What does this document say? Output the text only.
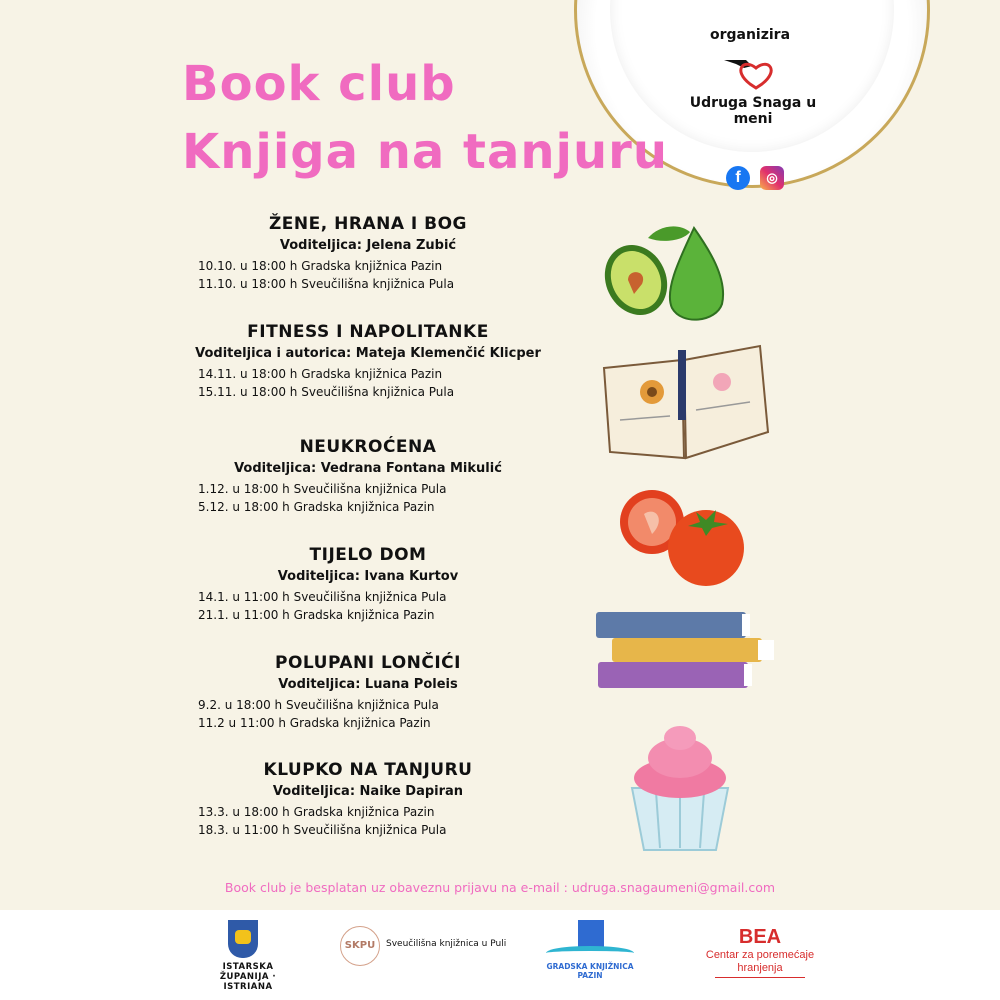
organizira
Udruga Snaga u meni
f	◎
Book club
Knjiga na tanjuru
ŽENE, HRANA I BOG
Voditeljica: Jelena Zubić
10.10. u 18:00 h Gradska knjižnica Pazin
11.10. u 18:00 h Sveučilišna knjižnica Pula
FITNESS I NAPOLITANKE
Voditeljica i autorica: Mateja Klemenčić Klicper
14.11. u 18:00 h Gradska knjižnica Pazin
15.11. u 18:00 h Sveučilišna knjižnica Pula
NEUKROĆENA
Voditeljica: Vedrana Fontana Mikulić
1.12. u 18:00 h Sveučilišna knjižnica Pula
5.12. u 18:00 h Gradska knjižnica Pazin
TIJELO DOM
Voditeljica: Ivana Kurtov
14.1. u 11:00 h Sveučilišna knjižnica Pula
21.1. u 11:00 h Gradska knjižnica Pazin
POLUPANI LONČIĆI
Voditeljica: Luana Poleis
9.2. u 18:00 h Sveučilišna knjižnica Pula
11.2 u 11:00 h Gradska knjižnica Pazin
KLUPKO NA TANJURU
Voditeljica: Naike Dapiran
13.3. u 18:00 h Gradska knjižnica Pazin
18.3. u 11:00 h Sveučilišna knjižnica Pula
Book club je besplatan uz obaveznu prijavu na e-mail : udruga.snagaumeni@gmail.com
ISTARSKA ŽUPANIJA · ISTRIANA
SKPU	Sveučilišna knjižnica u Puli
GRADSKA KNJIŽNICA PAZIN
BEA
Centar za poremećaje hranjenja
